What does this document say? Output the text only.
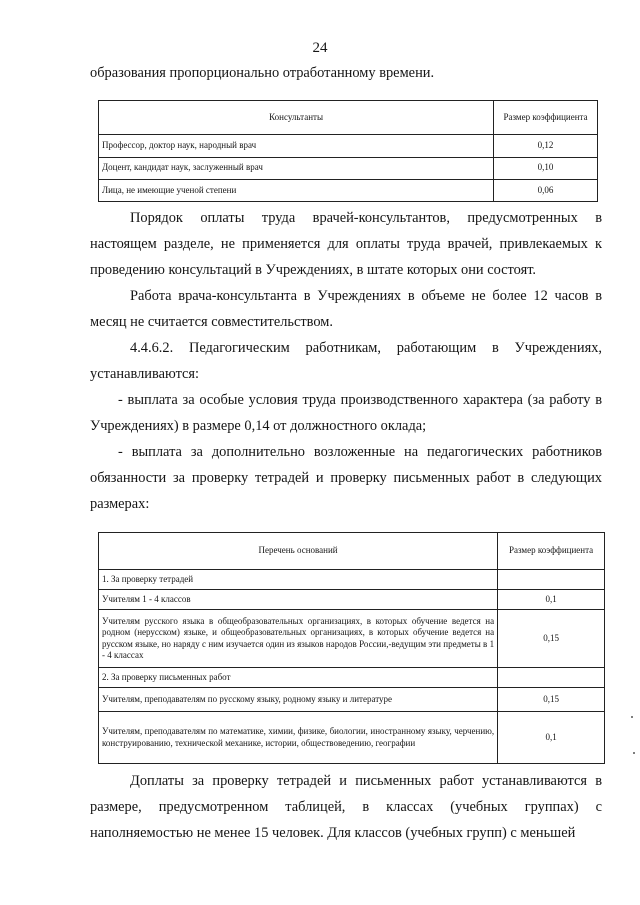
24

образования пропорционально отработанному времени.

Консультанты	Размер коэффициента
Профессор, доктор наук, народный врач	0,12
Доцент, кандидат наук, заслуженный врач	0,10
Лица, не имеющие ученой степени	0,06

Порядок оплаты труда врачей-консультантов, предусмотренных в настоящем разделе, не применяется для оплаты труда врачей, привлекаемых к проведению консультаций в Учреждениях, в штате которых они состоят.

Работа врача-консультанта в Учреждениях в объеме не более 12 часов в месяц не считается совместительством.

4.4.6.2. Педагогическим работникам, работающим в Учреждениях, устанавливаются:

- выплата за особые условия труда производственного характера (за работу в Учреждениях) в размере 0,14 от должностного оклада;

- выплата за дополнительно возложенные на педагогических работников обязанности за проверку тетрадей и проверку письменных работ в следующих размерах:

Перечень оснований	Размер коэффициента
1. За проверку тетрадей	
Учителям 1 - 4 классов	0,1
Учителям русского языка в общеобразовательных организациях, в которых обучение ведется на родном (нерусском) языке, и общеобразовательных организациях, в которых обучение ведется на русском языке, но наряду с ним изучается один из языков народов России,-ведущим эти предметы в 1 - 4 классах	0,15
2. За проверку письменных работ	
Учителям, преподавателям по русскому языку, родному языку и литературе	0,15
Учителям, преподавателям по математике, химии, физике, биологии, иностранному языку, черчению, конструированию, технической механике, истории, обществоведению, географии	0,1

Доплаты за проверку тетрадей и письменных работ устанавливаются в размере, предусмотренном таблицей, в классах (учебных группах) с наполняемостью не менее 15 человек. Для классов (учебных групп) с меньшей
